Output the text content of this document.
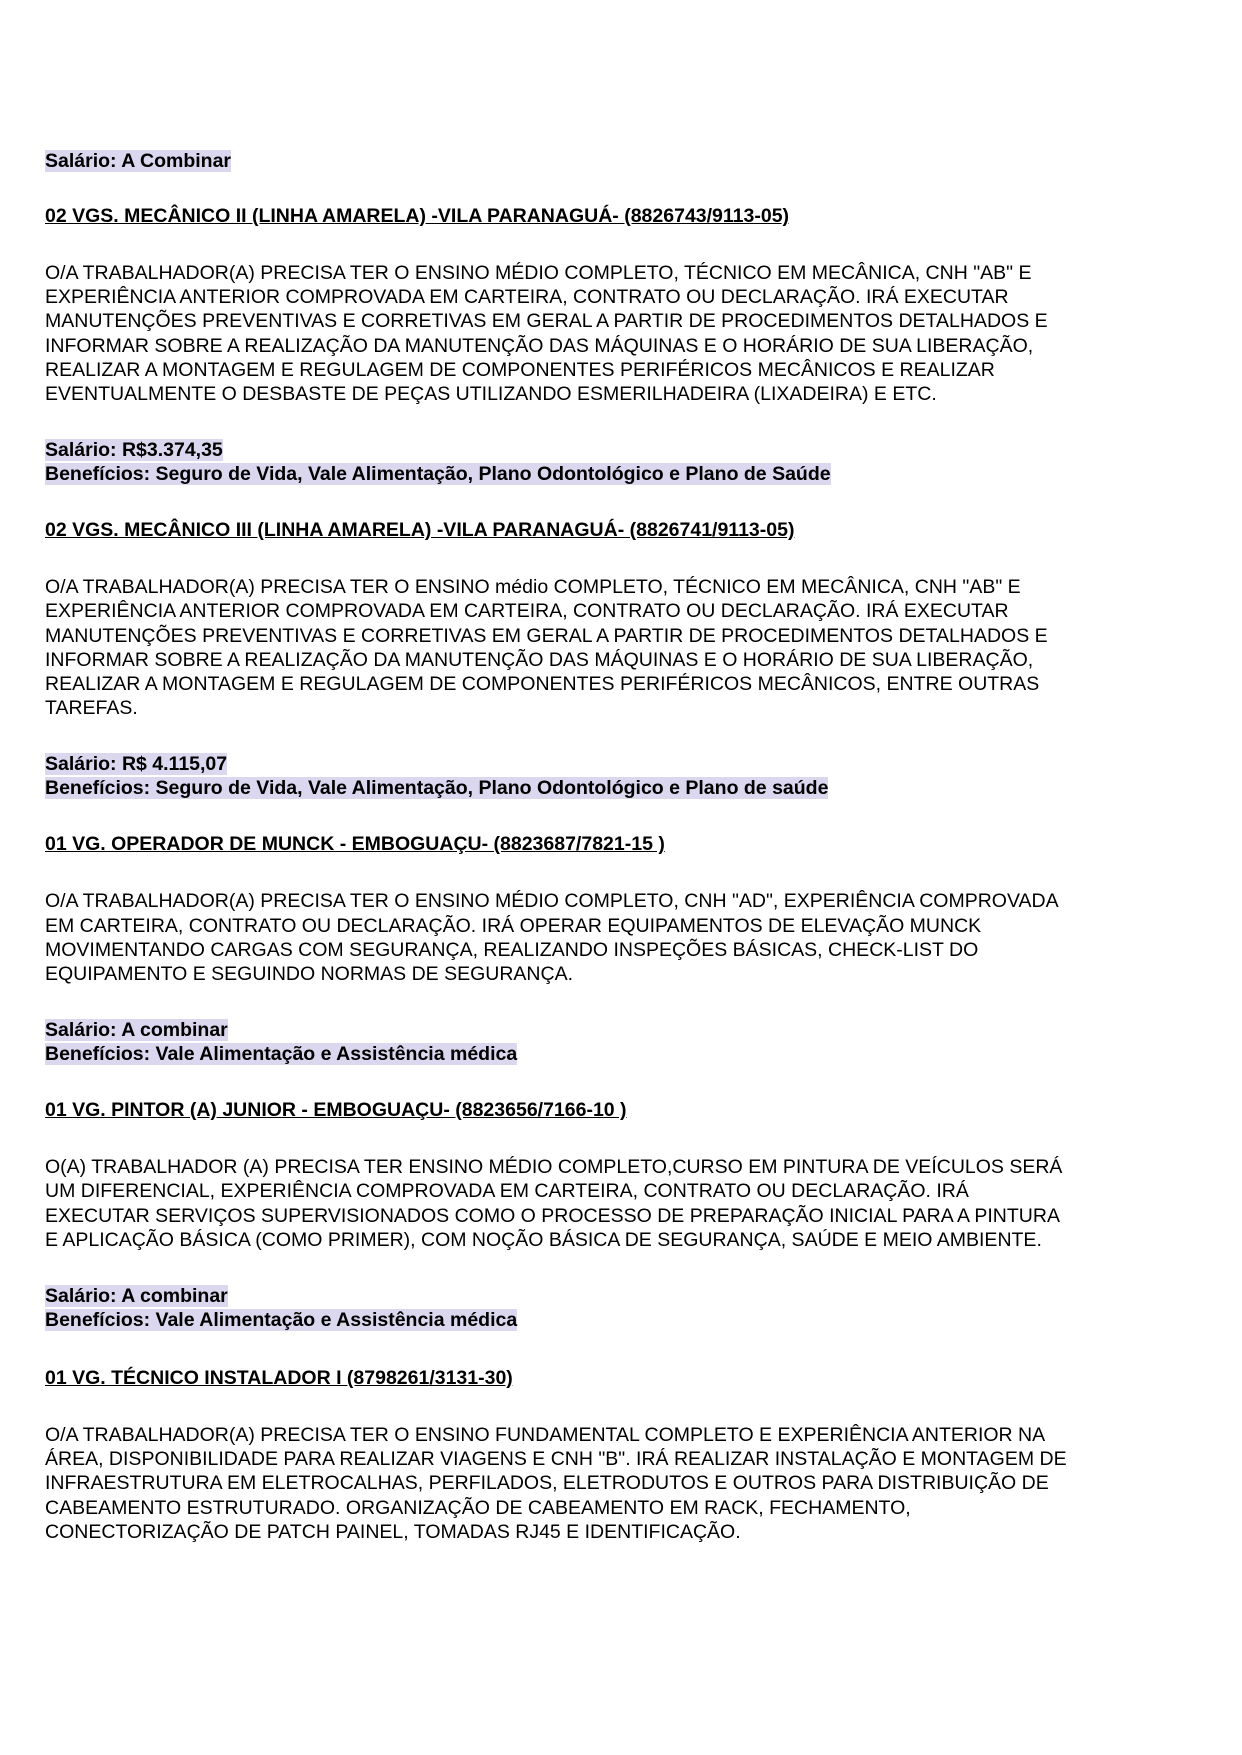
Salário: A Combinar
02 VGS. MECÂNICO II (LINHA AMARELA) -VILA PARANAGUÁ- (8826743/9113-05)
O/A TRABALHADOR(A) PRECISA TER O ENSINO MÉDIO COMPLETO, TÉCNICO EM MECÂNICA, CNH "AB" E
EXPERIÊNCIA ANTERIOR COMPROVADA EM CARTEIRA, CONTRATO OU DECLARAÇÃO. IRÁ EXECUTAR
MANUTENÇÕES PREVENTIVAS E CORRETIVAS EM GERAL A PARTIR DE PROCEDIMENTOS DETALHADOS E
INFORMAR SOBRE A REALIZAÇÃO DA MANUTENÇÃO DAS MÁQUINAS E O HORÁRIO DE SUA LIBERAÇÃO,
REALIZAR A MONTAGEM E REGULAGEM DE COMPONENTES PERIFÉRICOS MECÂNICOS E REALIZAR
EVENTUALMENTE O DESBASTE DE PEÇAS UTILIZANDO ESMERILHADEIRA (LIXADEIRA) E ETC.
Salário: R$3.374,35
Benefícios: Seguro de Vida, Vale Alimentação, Plano Odontológico e Plano de Saúde
02 VGS. MECÂNICO III (LINHA AMARELA) -VILA PARANAGUÁ- (8826741/9113-05)
O/A TRABALHADOR(A) PRECISA TER O ENSINO médio COMPLETO, TÉCNICO EM MECÂNICA, CNH "AB" E
EXPERIÊNCIA ANTERIOR COMPROVADA EM CARTEIRA, CONTRATO OU DECLARAÇÃO. IRÁ EXECUTAR
MANUTENÇÕES PREVENTIVAS E CORRETIVAS EM GERAL A PARTIR DE PROCEDIMENTOS DETALHADOS E
INFORMAR SOBRE A REALIZAÇÃO DA MANUTENÇÃO DAS MÁQUINAS E O HORÁRIO DE SUA LIBERAÇÃO,
REALIZAR A MONTAGEM E REGULAGEM DE COMPONENTES PERIFÉRICOS MECÂNICOS, ENTRE OUTRAS
TAREFAS.
Salário: R$ 4.115,07
Benefícios: Seguro de Vida, Vale Alimentação, Plano Odontológico e Plano de saúde
01 VG. OPERADOR DE MUNCK - EMBOGUAÇU- (8823687/7821-15 )
O/A TRABALHADOR(A) PRECISA TER O ENSINO MÉDIO COMPLETO, CNH "AD", EXPERIÊNCIA COMPROVADA
EM CARTEIRA, CONTRATO OU DECLARAÇÃO. IRÁ OPERAR EQUIPAMENTOS DE ELEVAÇÃO MUNCK
MOVIMENTANDO CARGAS COM SEGURANÇA, REALIZANDO INSPEÇÕES BÁSICAS, CHECK-LIST DO
EQUIPAMENTO E SEGUINDO NORMAS DE SEGURANÇA.
Salário: A combinar
Benefícios: Vale Alimentação e Assistência médica
01 VG. PINTOR (A) JUNIOR - EMBOGUAÇU- (8823656/7166-10 )
O(A) TRABALHADOR (A) PRECISA TER ENSINO MÉDIO COMPLETO,CURSO EM PINTURA DE VEÍCULOS SERÁ
UM DIFERENCIAL, EXPERIÊNCIA COMPROVADA EM CARTEIRA, CONTRATO OU DECLARAÇÃO. IRÁ
EXECUTAR SERVIÇOS SUPERVISIONADOS COMO O PROCESSO DE PREPARAÇÃO INICIAL PARA A PINTURA
E APLICAÇÃO BÁSICA (COMO PRIMER), COM NOÇÃO BÁSICA DE SEGURANÇA, SAÚDE E MEIO AMBIENTE.
Salário: A combinar
Benefícios: Vale Alimentação e Assistência médica
01 VG. TÉCNICO INSTALADOR I (8798261/3131-30)
O/A TRABALHADOR(A) PRECISA TER O ENSINO FUNDAMENTAL COMPLETO E EXPERIÊNCIA ANTERIOR NA
ÁREA, DISPONIBILIDADE PARA REALIZAR VIAGENS E CNH "B". IRÁ REALIZAR INSTALAÇÃO E MONTAGEM DE
INFRAESTRUTURA EM ELETROCALHAS, PERFILADOS, ELETRODUTOS E OUTROS PARA DISTRIBUIÇÃO DE
CABEAMENTO ESTRUTURADO. ORGANIZAÇÃO DE CABEAMENTO EM RACK, FECHAMENTO,
CONECTORIZAÇÃO DE PATCH PAINEL, TOMADAS RJ45 E IDENTIFICAÇÃO.
